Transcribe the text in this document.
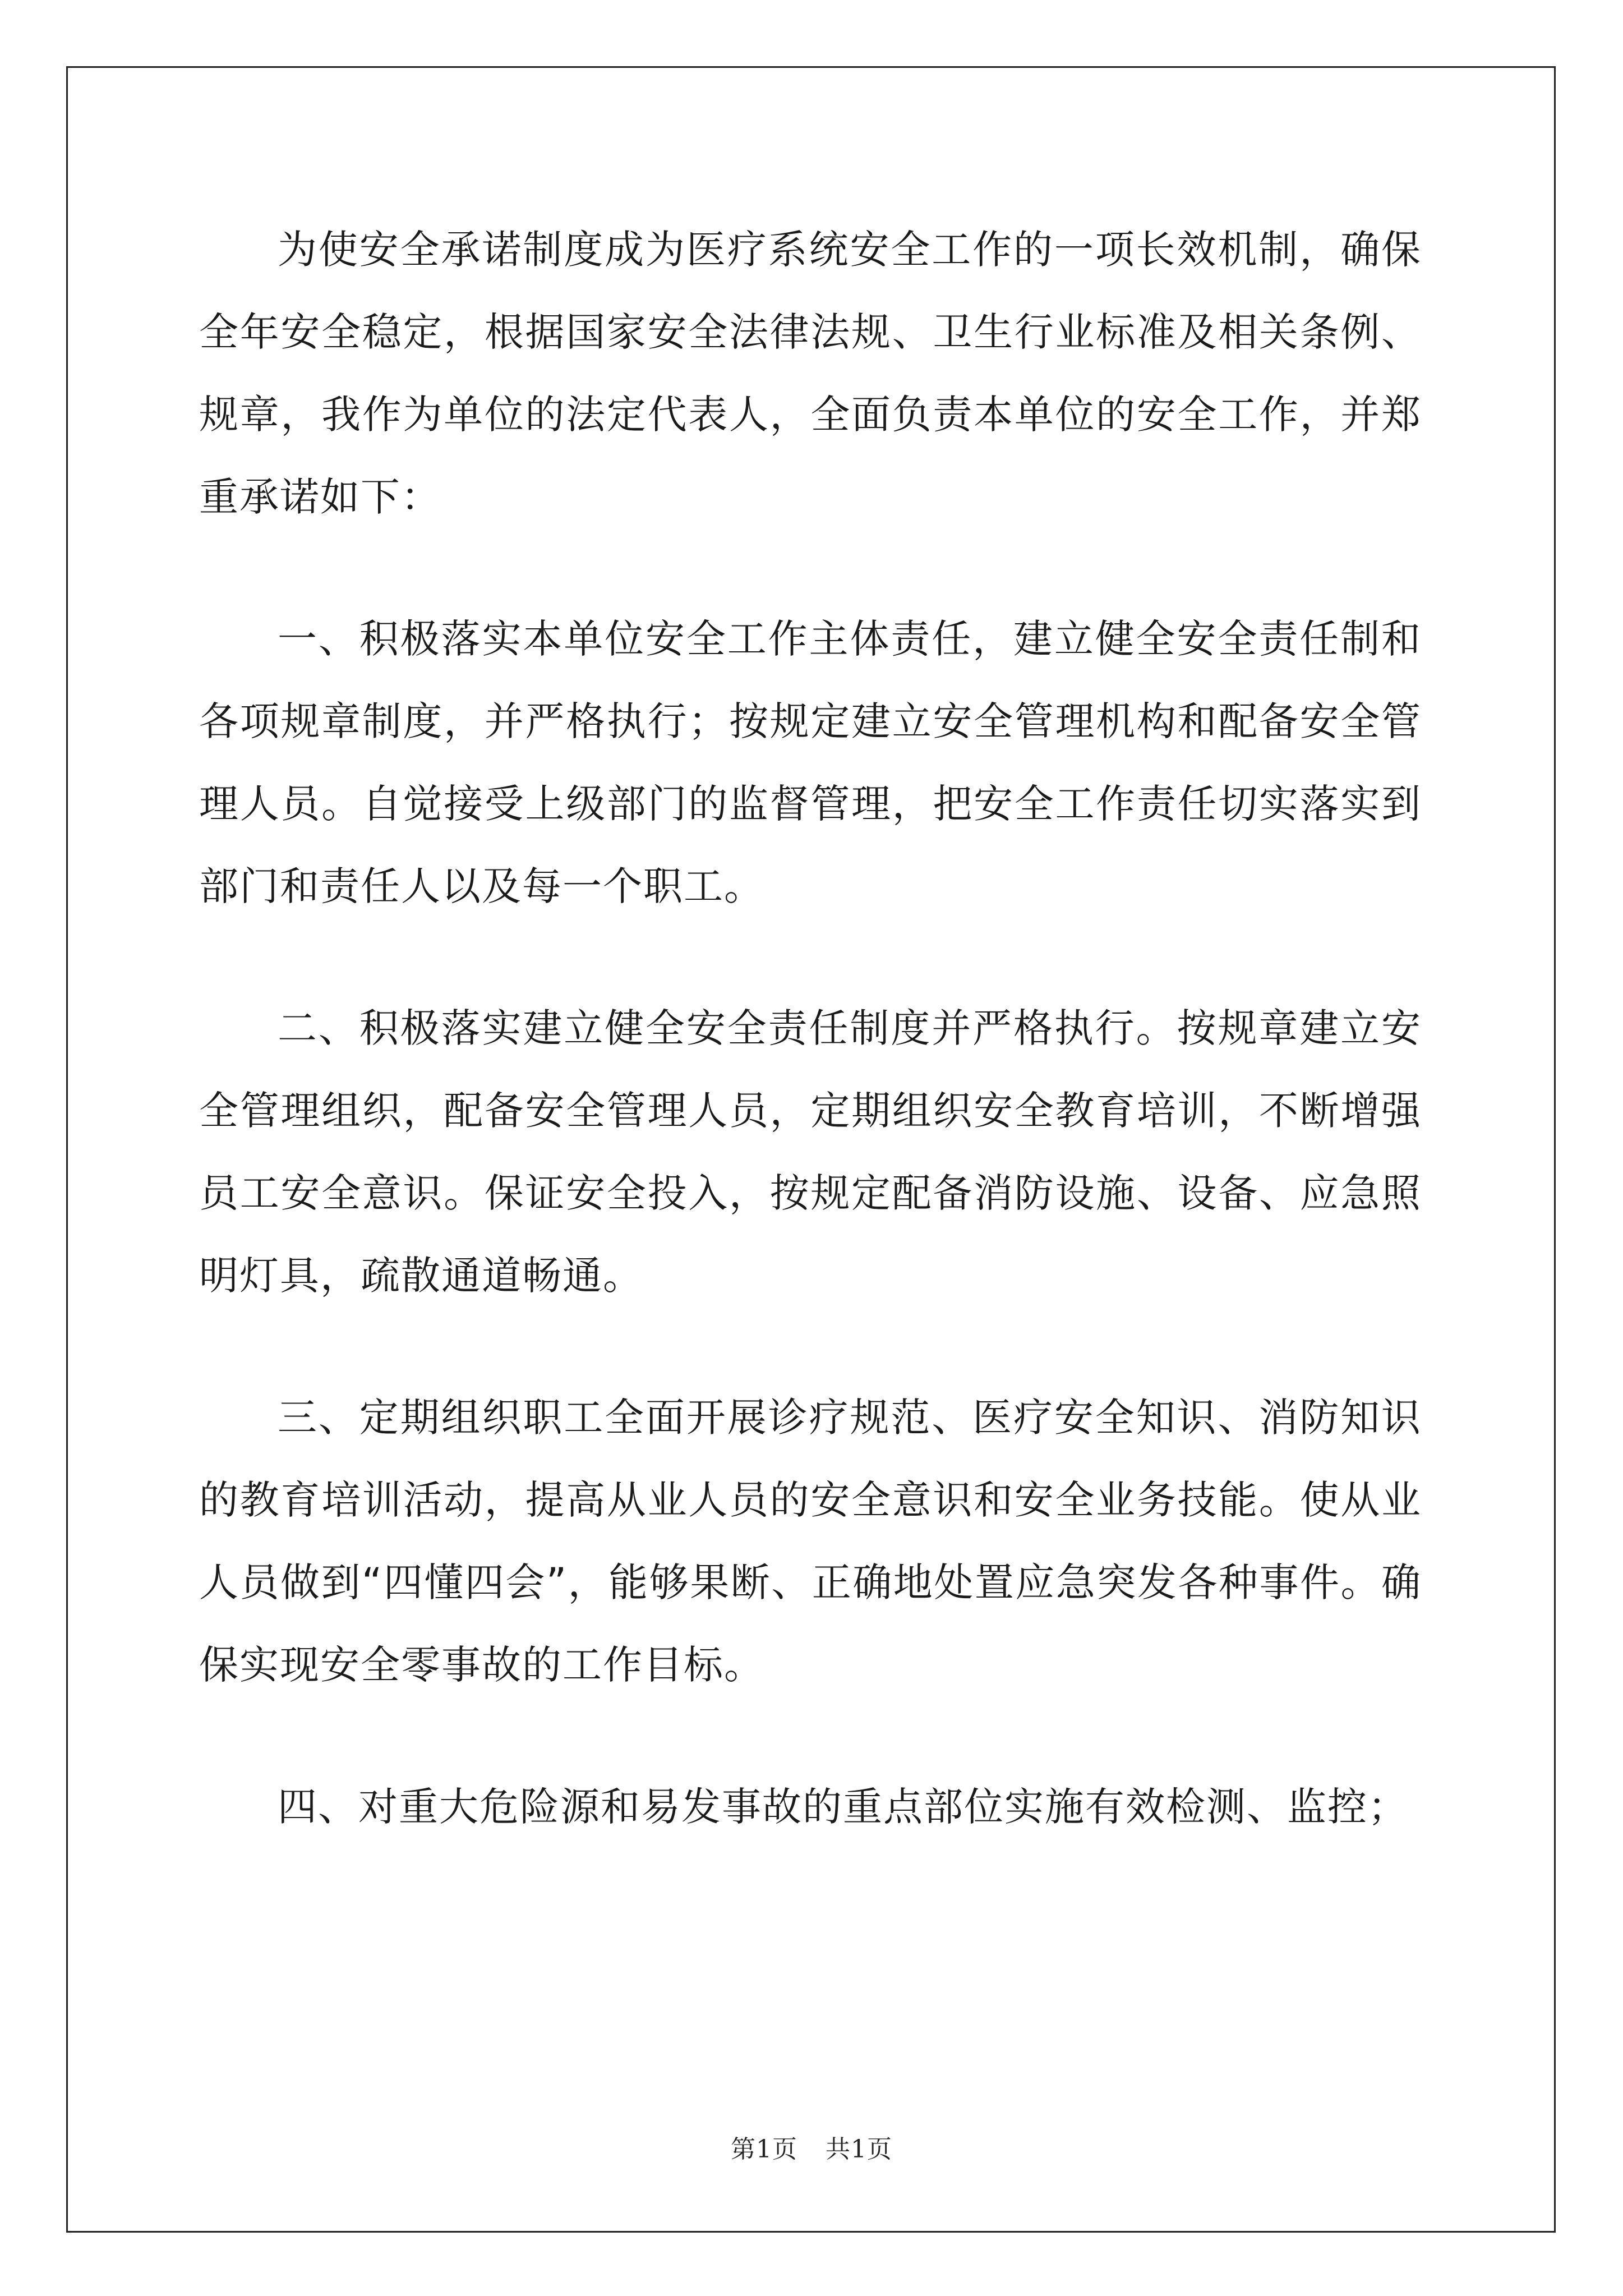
为使安全承诺制度成为医疗系统安全工作的一项长效机制，确保全年安全稳定，根据国家安全法律法规、卫生行业标准及相关条例、规章，我作为单位的法定代表人，全面负责本单位的安全工作，并郑重承诺如下：

一、积极落实本单位安全工作主体责任，建立健全安全责任制和各项规章制度，并严格执行；按规定建立安全管理机构和配备安全管理人员。自觉接受上级部门的监督管理，把安全工作责任切实落实到部门和责任人以及每一个职工。

二、积极落实建立健全安全责任制度并严格执行。按规章建立安全管理组织，配备安全管理人员，定期组织安全教育培训，不断增强员工安全意识。保证安全投入，按规定配备消防设施、设备、应急照明灯具，疏散通道畅通。

三、定期组织职工全面开展诊疗规范、医疗安全知识、消防知识的教育培训活动，提高从业人员的安全意识和安全业务技能。使从业人员做到“四懂四会”，能够果断、正确地处置应急突发各种事件。确保实现安全零事故的工作目标。

四、对重大危险源和易发事故的重点部位实施有效检测、监控；

第1页 共1页
